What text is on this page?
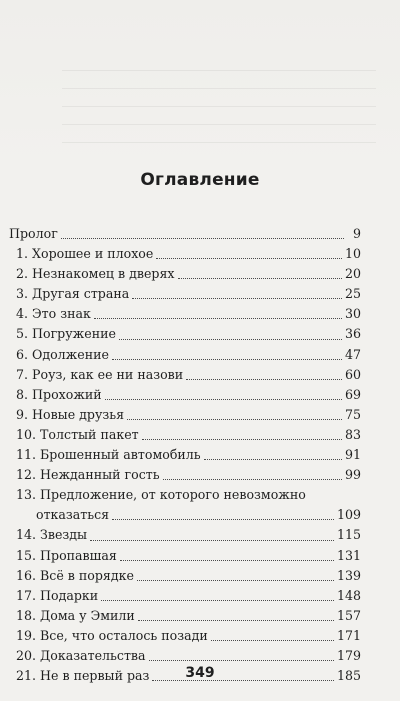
Оглавление
Пролог	9
1. Хорошее и плохое	10
2. Незнакомец в дверях	20
3. Другая страна	25
4. Это знак	30
5. Погружение	36
6. Одолжение	47
7. Роуз, как ее ни назови	60
8. Прохожий	69
9. Новые друзья	75
10. Толстый пакет	83
11. Брошенный автомобиль	91
12. Нежданный гость	99
13. Предложение, от которого невозможно
отказаться	109
14. Звезды	115
15. Пропавшая	131
16. Всё в порядке	139
17. Подарки	148
18. Дома у Эмили	157
19. Все, что осталось позади	171
20. Доказательства	179
21. Не в первый раз	185
349
